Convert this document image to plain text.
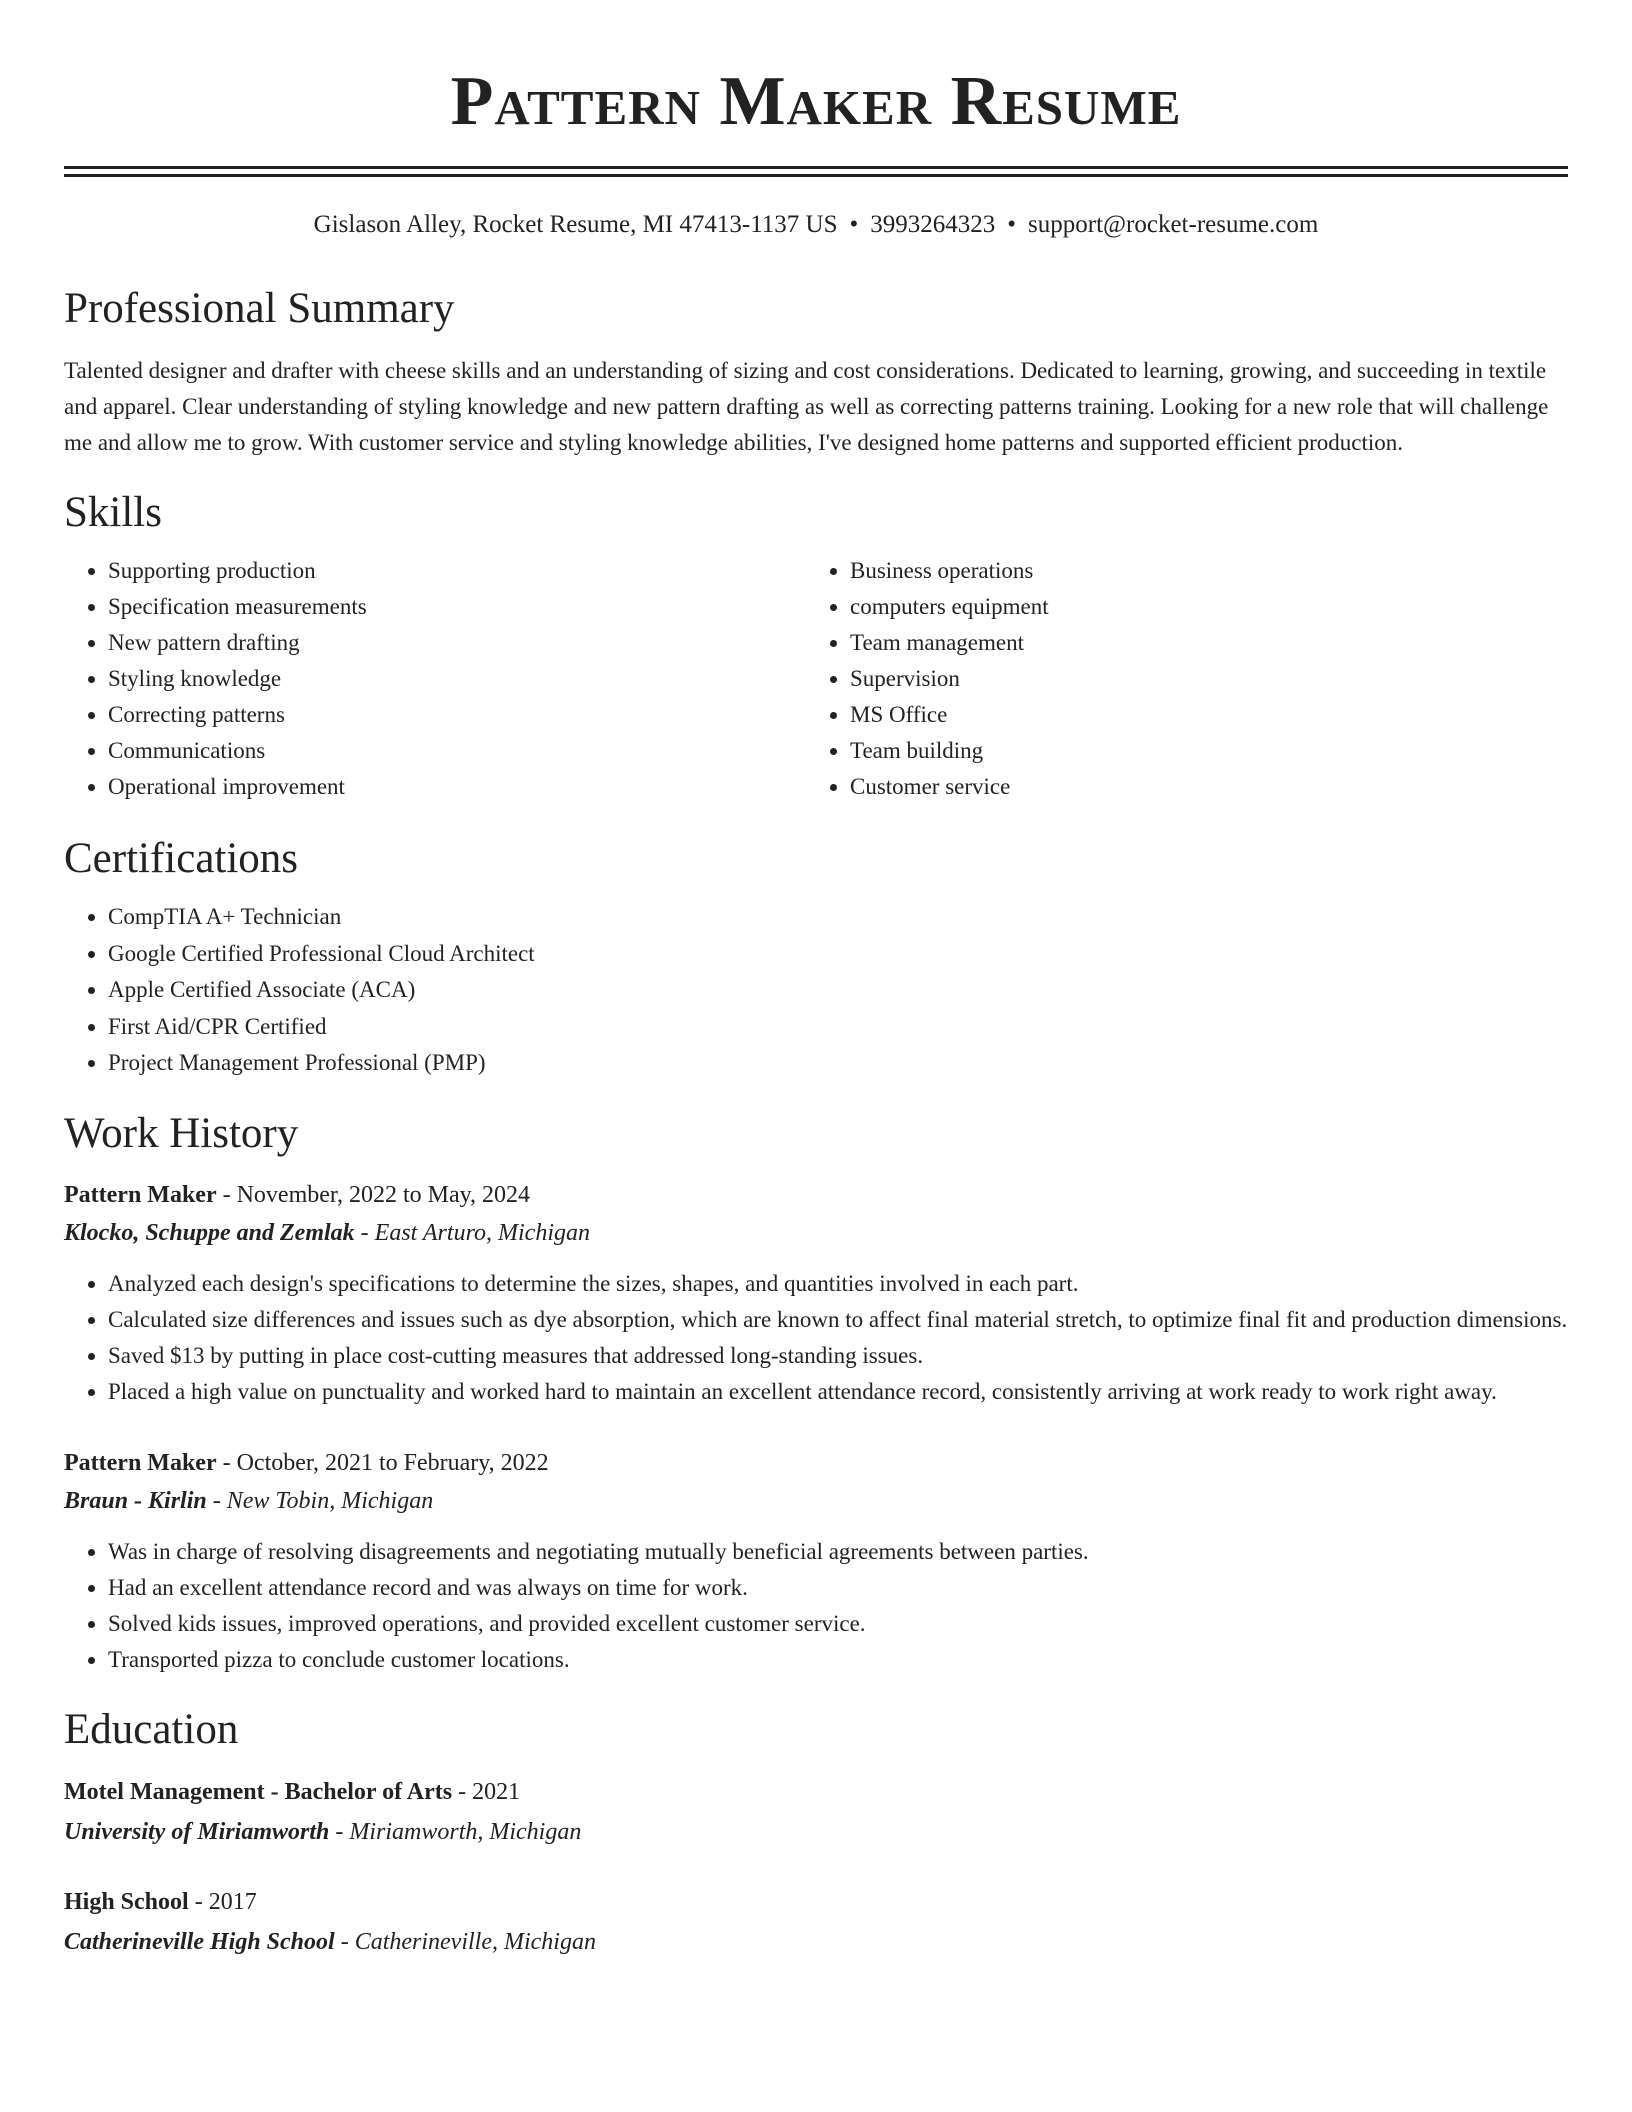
Pattern Maker Resume
Gislason Alley, Rocket Resume, MI 47413-1137 US • 3993264323 • support@rocket-resume.com
Professional Summary

Talented designer and drafter with cheese skills and an understanding of sizing and cost considerations. Dedicated to learning, growing, and succeeding in textile and apparel. Clear understanding of styling knowledge and new pattern drafting as well as correcting patterns training. Looking for a new role that will challenge me and allow me to grow. With customer service and styling knowledge abilities, I've designed home patterns and supported efficient production.

Skills
• Supporting production
• Specification measurements
• New pattern drafting
• Styling knowledge
• Correcting patterns
• Communications
• Operational improvement
• Business operations
• computers equipment
• Team management
• Supervision
• MS Office
• Team building
• Customer service
Certifications
• CompTIA A+ Technician
• Google Certified Professional Cloud Architect
• Apple Certified Associate (ACA)
• First Aid/CPR Certified
• Project Management Professional (PMP)
Work History
Pattern Maker - November, 2022 to May, 2024
Klocko, Schuppe and Zemlak - East Arturo, Michigan
• Analyzed each design's specifications to determine the sizes, shapes, and quantities involved in each part.
• Calculated size differences and issues such as dye absorption, which are known to affect final material stretch, to optimize final fit and production dimensions.
• Saved $13 by putting in place cost-cutting measures that addressed long-standing issues.
• Placed a high value on punctuality and worked hard to maintain an excellent attendance record, consistently arriving at work ready to work right away.
Pattern Maker - October, 2021 to February, 2022
Braun - Kirlin - New Tobin, Michigan
• Was in charge of resolving disagreements and negotiating mutually beneficial agreements between parties.
• Had an excellent attendance record and was always on time for work.
• Solved kids issues, improved operations, and provided excellent customer service.
• Transported pizza to conclude customer locations.
Education
Motel Management - Bachelor of Arts - 2021
University of Miriamworth - Miriamworth, Michigan
High School - 2017
Catherineville High School - Catherineville, Michigan
